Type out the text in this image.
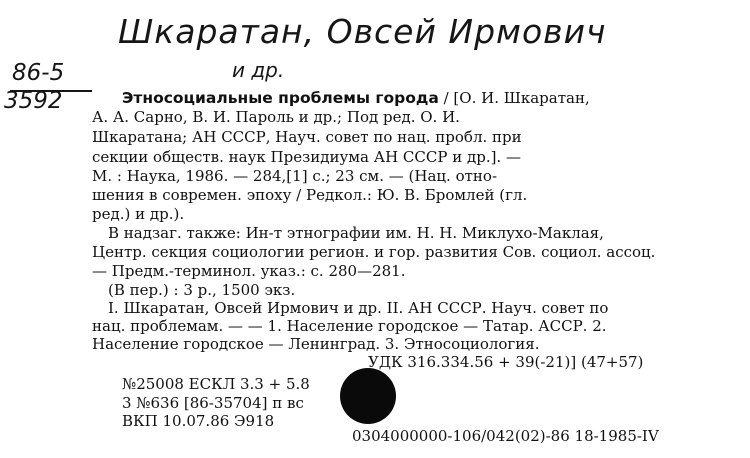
Шкаратан, Овсей Ирмович
и др.
86-5
3592	Этносоциальные проблемы города / [О. И. Шкаратан,
А. А. Сарно, В. И. Пароль и др.; Под ред. О. И.
Шкаратана; АН СССР, Науч. совет по нац. пробл. при
секции обществ. наук Президиума АН СССР и др.]. —
М. : Наука, 1986. — 284,[1] с.; 23 см. — (Нац. отно-
шения в современ. эпоху / Редкол.: Ю. В. Бромлей (гл.
ред.) и др.).
В надзаг. также: Ин-т этнографии им. Н. Н. Миклухо-Маклая,
Центр. секция социологии регион. и гор. развития Сов. социол. ассоц.
— Предм.-терминол. указ.: с. 280—281.
(В пер.) : 3 р., 1500 экз.
I. Шкаратан, Овсей Ирмович и др. II. АН СССР. Науч. совет по
нац. проблемам. — — 1. Население городское — Татар. АССР. 2.
Население городское — Ленинград. 3. Этносоциология.
УДК 316.334.56 + 39(-21)] (47+57)
№25008 ЕСКЛ 3.3 + 5.8
3 №636 [86-35704] п вс
ВКП 10.07.86 Э918
0304000000-106/042(02)-86 18-1985-IV
